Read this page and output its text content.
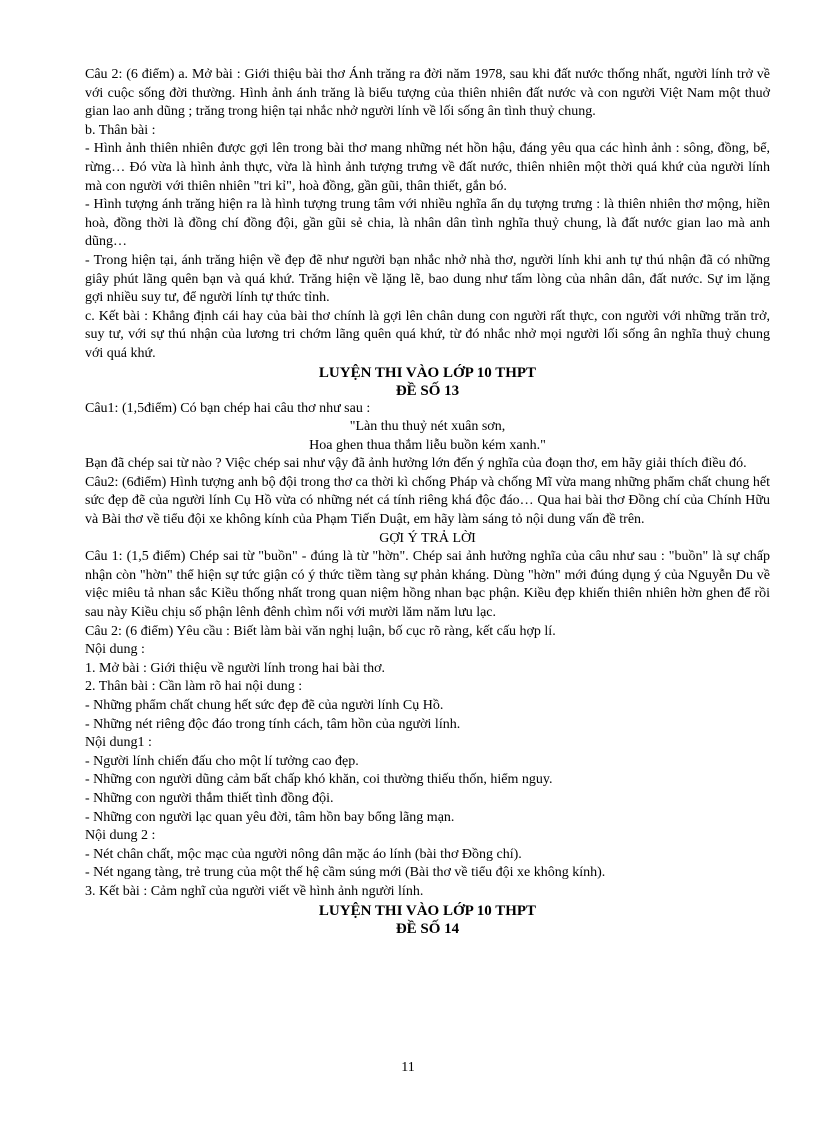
Câu 2: (6 điểm) a. Mở bài : Giới thiệu bài thơ Ánh trăng ra đời năm 1978, sau khi đất nước thống nhất, người lính trở về với cuộc sống đời thường. Hình ảnh ánh trăng là biểu tượng của thiên nhiên đất nước và con người Việt Nam một thuở gian lao anh dũng ; trăng trong hiện tại nhắc nhở người lính về lối sống ân tình thuỷ chung.

b. Thân bài :

- Hình ảnh thiên nhiên được gợi lên trong bài thơ mang những nét hồn hậu, đáng yêu qua các hình ảnh : sông, đồng, bể, rừng… Đó vừa là hình ảnh thực, vừa là hình ảnh tượng trưng về đất nước, thiên nhiên một thời quá khứ của người lính mà con người với thiên nhiên "tri kỉ", hoà đồng, gần gũi, thân thiết, gắn bó.

- Hình tượng ánh trăng hiện ra là hình tượng trung tâm với nhiều nghĩa ẩn dụ tượng trưng : là thiên nhiên thơ mộng, hiền hoà, đồng thời là đồng chí đồng đội, gần gũi sẻ chia, là nhân dân tình nghĩa thuỷ chung, là đất nước gian lao mà anh dũng…

- Trong hiện tại, ánh trăng hiện về đẹp đẽ như người bạn nhắc nhở nhà thơ, người lính khi anh tự thú nhận đã có những giây phút lãng quên bạn và quá khứ. Trăng hiện về lặng lẽ, bao dung như tấm lòng của nhân dân, đất nước. Sự im lặng gợi nhiều suy tư, để người lính tự thức tỉnh.

c. Kết bài : Khẳng định cái hay của bài thơ chính là gợi lên chân dung con người rất thực, con người với những trăn trở, suy tư, với sự thú nhận của lương tri chớm lãng quên quá khứ, từ đó nhắc nhở mọi người lối sống ân nghĩa thuỷ chung với quá khứ.

LUYỆN THI VÀO LỚP 10 THPT

ĐỀ SỐ 13

Câu1: (1,5điểm) Có bạn chép hai câu thơ như sau :

"Làn thu thuỷ nét xuân sơn,

Hoa ghen thua thắm liễu buồn kém xanh."

Bạn đã chép sai từ nào ? Việc chép sai như vậy đã ảnh hưởng lớn đến ý nghĩa của đoạn thơ, em hãy giải thích điều đó.

Câu2: (6điểm) Hình tượng anh bộ đội trong thơ ca thời kì chống Pháp và chống Mĩ vừa mang những phẩm chất chung hết sức đẹp đẽ của người lính Cụ Hồ vừa có những nét cá tính riêng khá độc đáo… Qua hai bài thơ Đồng chí của Chính Hữu và Bài thơ về tiểu đội xe không kính của Phạm Tiến Duật, em hãy làm sáng tỏ nội dung vấn đề trên.

GỢI Ý TRẢ LỜI

Câu 1: (1,5 điểm) Chép sai từ "buồn" - đúng là từ "hờn". Chép sai ảnh hưởng nghĩa của câu như sau : "buồn" là sự chấp nhận còn "hờn" thể hiện sự tức giận có ý thức tiềm tàng sự phản kháng. Dùng "hờn" mới đúng dụng ý của Nguyễn Du về việc miêu tả nhan sắc Kiều thống nhất trong quan niệm hồng nhan bạc phận. Kiều đẹp khiến thiên nhiên hờn ghen để rồi sau này Kiều chịu số phận lênh đênh chìm nổi với mười lăm năm lưu lạc.

Câu 2: (6 điểm) Yêu cầu : Biết làm bài văn nghị luận, bố cục rõ ràng, kết cấu hợp lí.

Nội dung :

1. Mở bài : Giới thiệu về người lính trong hai bài thơ.

2. Thân bài : Cần làm rõ hai nội dung :

- Những phẩm chất chung hết sức đẹp đẽ của người lính Cụ Hồ.

- Những nét riêng độc đáo trong tính cách, tâm hồn của người lính.

Nội dung1 :

- Người lính chiến đấu cho một lí tưởng cao đẹp.

- Những con người dũng cảm bất chấp khó khăn, coi thường thiếu thốn, hiểm nguy.

- Những con người thắm thiết tình đồng đội.

- Những con người lạc quan yêu đời, tâm hồn bay bổng lãng mạn.

Nội dung 2 :

- Nét chân chất, mộc mạc của người nông dân mặc áo lính (bài thơ Đồng chí).

- Nét ngang tàng, trẻ trung của một thế hệ cầm súng mới (Bài thơ về tiểu đội xe không kính).

3. Kết bài : Cảm nghĩ của người viết về hình ảnh người lính.

LUYỆN THI VÀO LỚP 10 THPT

ĐỀ SỐ 14

11
